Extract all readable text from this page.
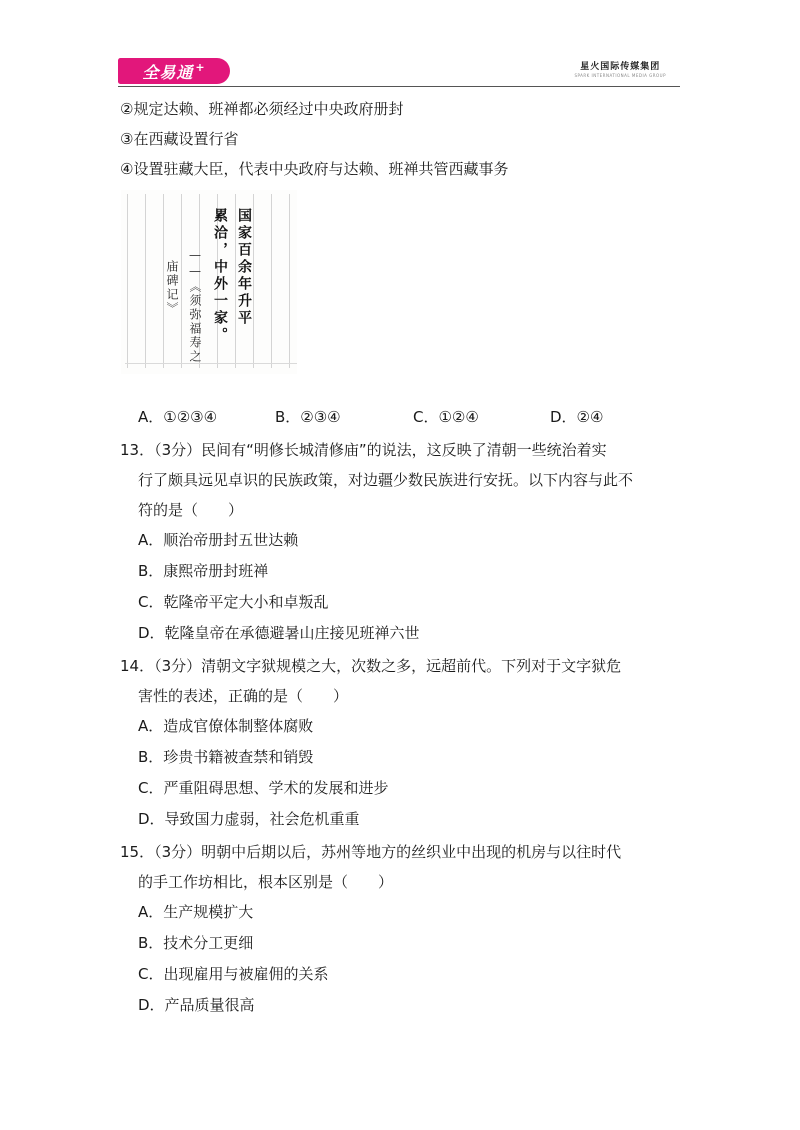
全易通 +	星火国际传媒集团
SPARK INTERNATIONAL MEDIA GROUP
②规定达赖、班禅都必须经过中央政府册封
③在西藏设置行省
④设置驻藏大臣，代表中央政府与达赖、班禅共管西藏事务
国家百余年升平
累洽，中外一家。
——《须弥福寿之
庙碑记》
A．①②③④	B．②③④	C．①②④	D．②④
13．（3分）民间有“明修长城清修庙”的说法，这反映了清朝一些统治着实
行了颇具远见卓识的民族政策，对边疆少数民族进行安抚。以下内容与此不
符的是（　　）
A．顺治帝册封五世达赖
B．康熙帝册封班禅
C．乾隆帝平定大小和卓叛乱
D．乾隆皇帝在承德避暑山庄接见班禅六世
14．（3分）清朝文字狱规模之大，次数之多，远超前代。下列对于文字狱危
害性的表述，正确的是（　　）
A．造成官僚体制整体腐败
B．珍贵书籍被查禁和销毁
C．严重阻碍思想、学术的发展和进步
D．导致国力虚弱，社会危机重重
15．（3分）明朝中后期以后，苏州等地方的丝织业中出现的机房与以往时代
的手工作坊相比，根本区别是（　　）
A．生产规模扩大
B．技术分工更细
C．出现雇用与被雇佣的关系
D．产品质量很高
